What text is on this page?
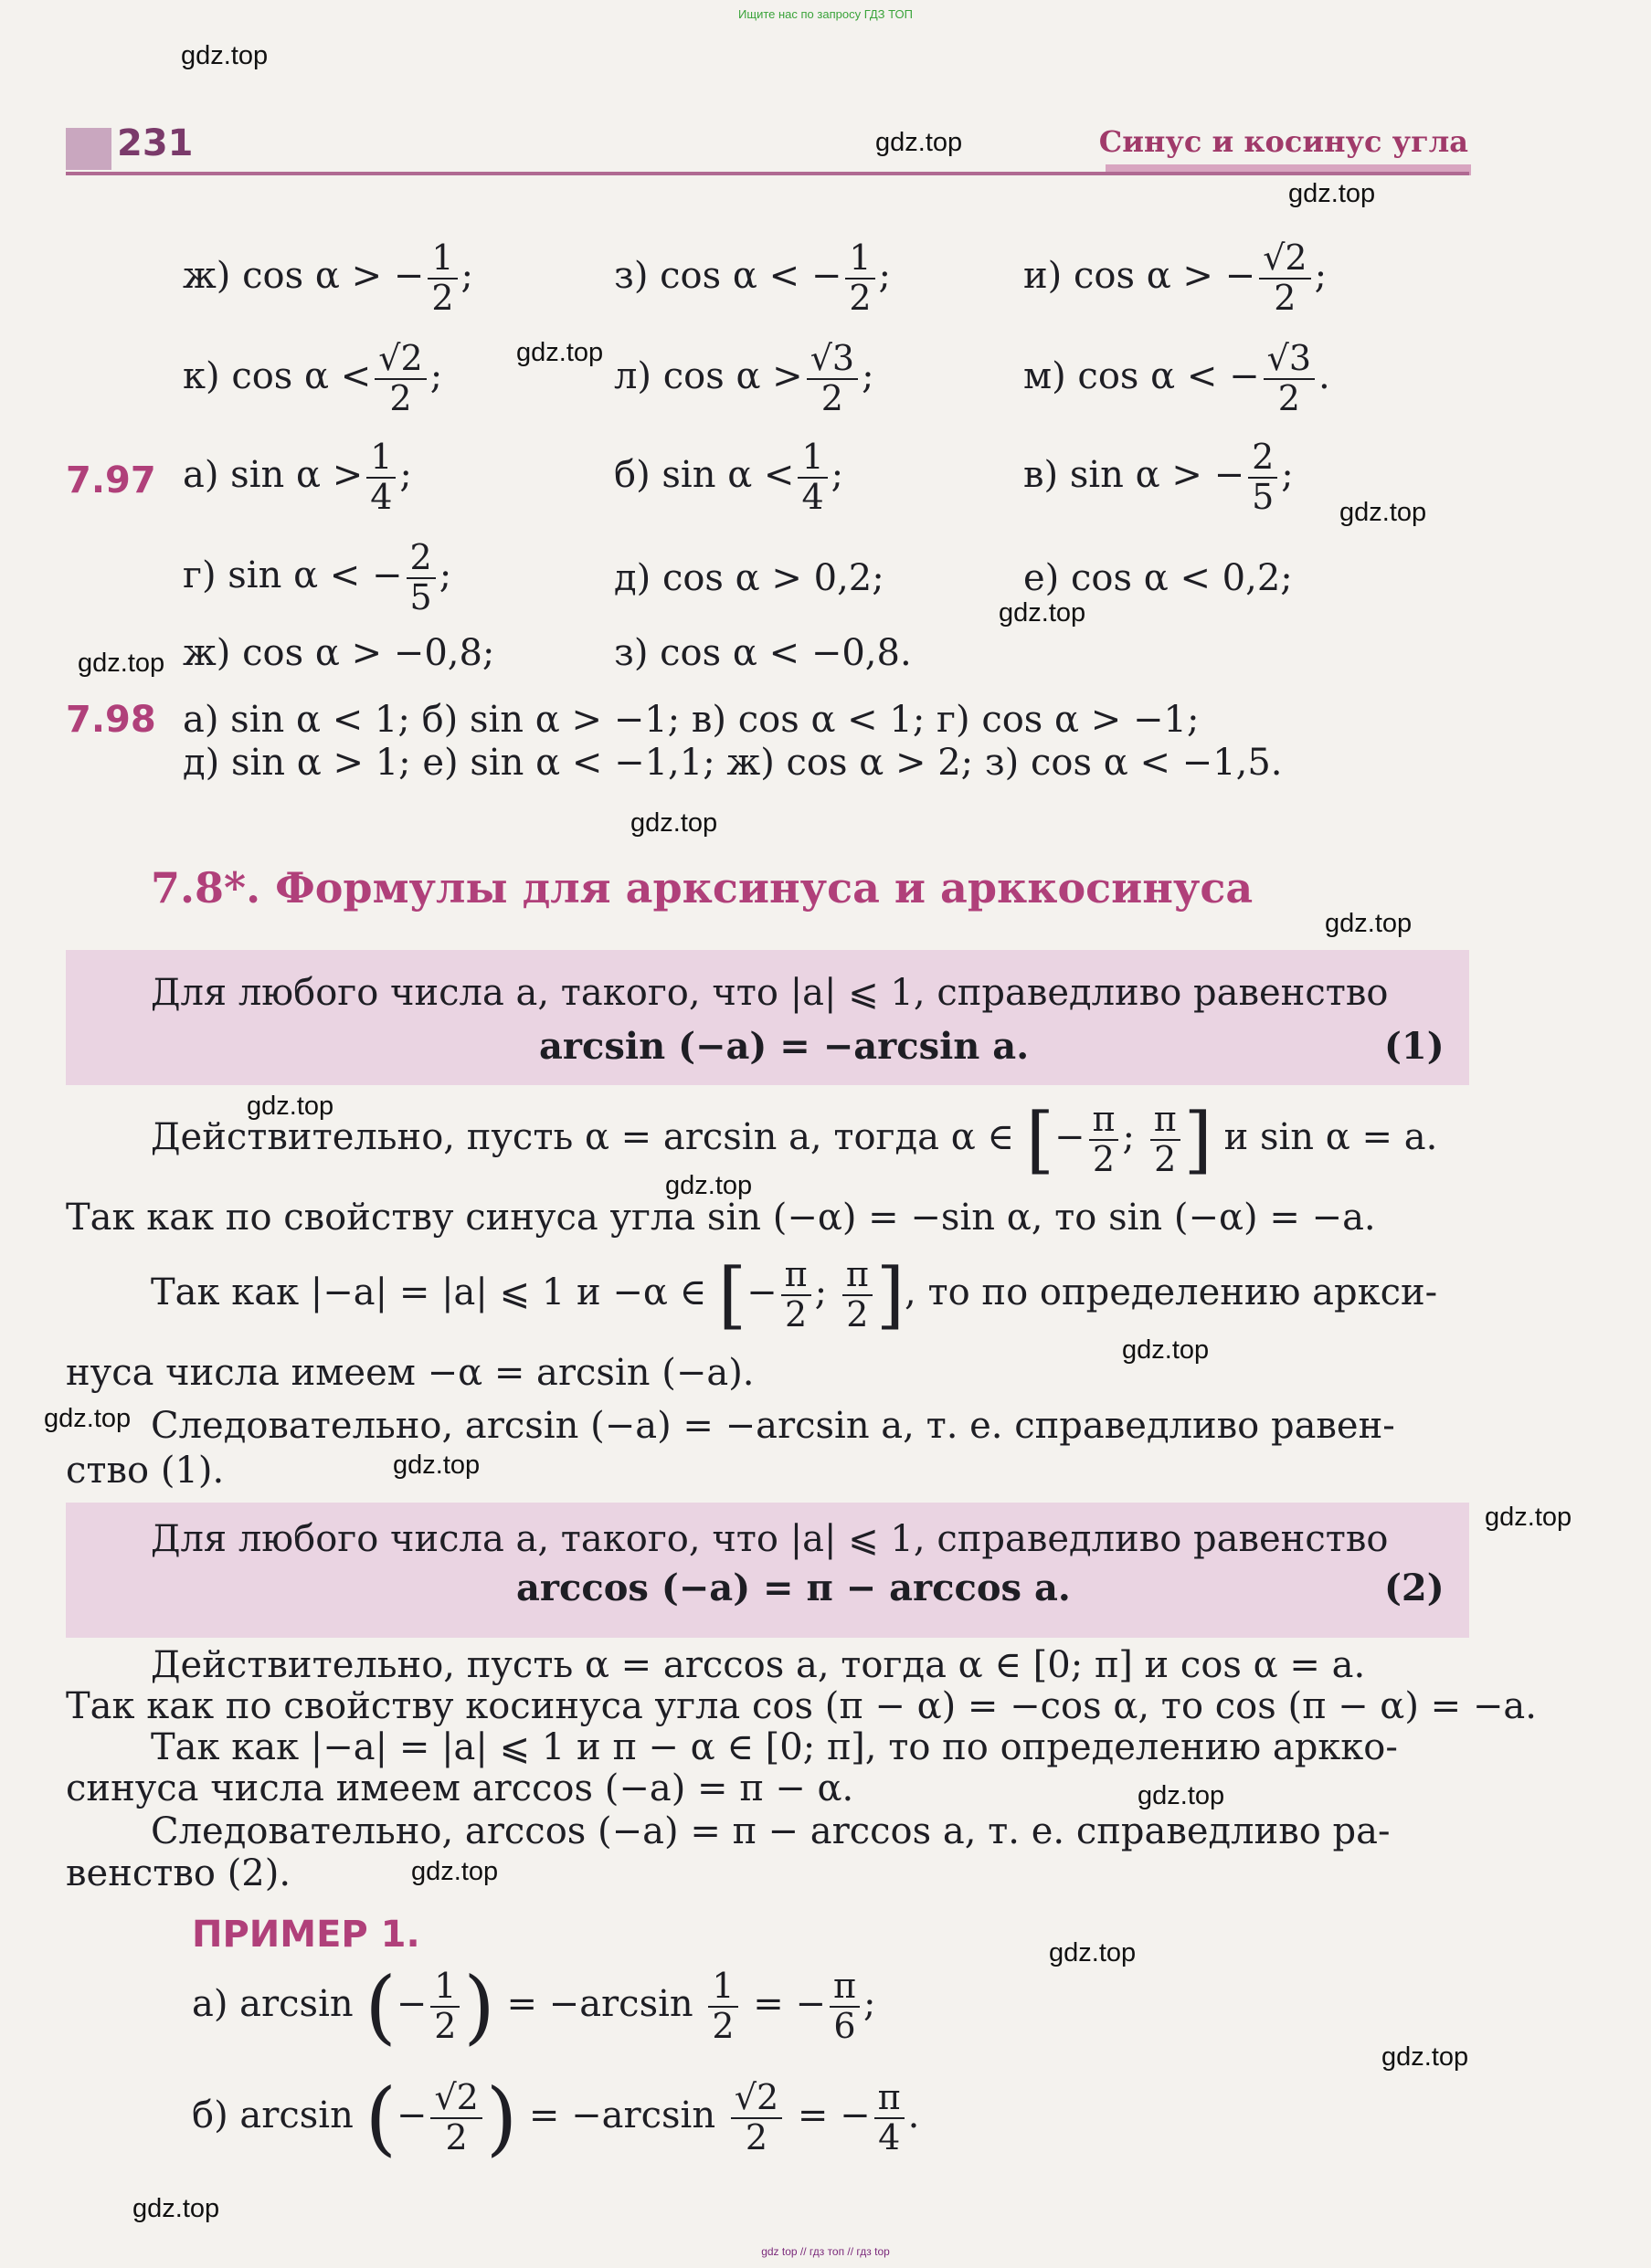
Ищите нас по запросу ГДЗ ТОП
gdz top // гдз топ // гдз top
gdz.top
gdz.top
gdz.top
gdz.top
gdz.top
gdz.top
gdz.top
gdz.top
gdz.top
gdz.top
gdz.top
gdz.top
gdz.top
gdz.top
gdz.top
gdz.top
gdz.top
gdz.top
gdz.top
gdz.top
231	Синус и косинус угла
ж) cos α > − $\frac{1}{2}$ ;	з) cos α < − $\frac{1}{2}$ ;	и) cos α > − $\frac{√2}{2}$ ;
к) $\cos \alpha < \frac{√2}{2}$ ;	л) $\cos \alpha > \frac{√3}{2}$ ;	м) cos α < − $\frac{√3}{2}$ .
7.97 а) $\sin \alpha > \frac{1}{4}$ ;	б) $\sin \alpha < \frac{1}{4}$ ;	в) sin α > − $\frac{2}{5}$ ;
г) sin α < − $\frac{2}{5}$ ;	д) cos α > 0,2;	е) cos α < 0,2;
ж) cos α > −0,8;	з) cos α < −0,8.
7.98 а) sin α < 1; б) sin α > −1; в) cos α < 1; г) cos α > −1;
д) sin α > 1; е) sin α < −1,1; ж) cos α > 2; з) cos α < −1,5.
7.8*. Формулы для арксинуса и арккосинуса
Для любого числа a, такого, что |a| ⩽ 1, справедливо равенство
arcsin (−a) = −arcsin a.	(1)
Действительно, пусть α = arcsin a, тогда α ∈ [− $\frac{\pi}{2}$ ; $\frac{\pi}{2}$ ] и sin α = a.
Так как по свойству синуса угла sin (−α) = −sin α, то sin (−α) = −a.
Так как |−a| = |a| ⩽ 1 и −α ∈ [− $\frac{\pi}{2}$ ; $\frac{\pi}{2}$ ], то по определению аркси-
нуса числа имеем −α = arcsin (−a).
Следовательно, arcsin (−a) = −arcsin a, т. е. справедливо равен-
ство (1).
Для любого числа a, такого, что |a| ⩽ 1, справедливо равенство
arccos (−a) = π − arccos a.	(2)
Действительно, пусть α = arccos a, тогда α ∈ [0; π] и cos α = a.
Так как по свойству косинуса угла cos (π − α) = −cos α, то cos (π − α) = −a.
Так как |−a| = |a| ⩽ 1 и π − α ∈ [0; π], то по определению аркко-
синуса числа имеем arccos (−a) = π − α.
Следовательно, arccos (−a) = π − arccos a, т. е. справедливо ра-
венство (2).
ПРИМЕР 1.
а) arcsin (− $\frac{1}{2}$ ) = $-\arcsin \frac{1}{2}$ = − $\frac{\pi}{6}$ ;
б) arcsin (− $\frac{√2}{2}$ ) = $-\arcsin \frac{√2}{2}$ = − $\frac{\pi}{4}$ .
